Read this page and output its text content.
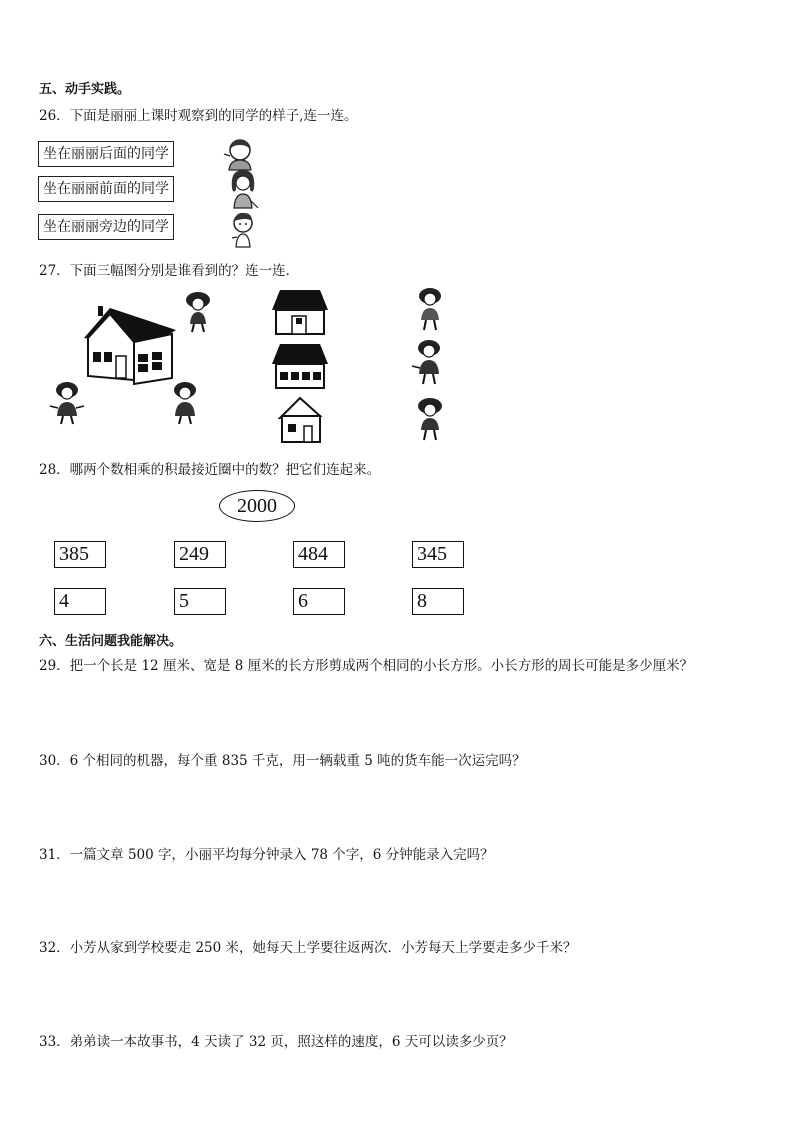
五、动手实践。
26．下面是丽丽上课时观察到的同学的样子,连一连。
坐在丽丽后面的同学
坐在丽丽前面的同学
坐在丽丽旁边的同学
27．下面三幅图分别是谁看到的？连一连．
28．哪两个数相乘的积最接近圈中的数？把它们连起来。
2000
385	249	484	345
4	5	6	8
六、生活问题我能解决。
29．把一个长是 12 厘米、宽是 8 厘米的长方形剪成两个相同的小长方形。小长方形的周长可能是多少厘米？
30．6 个相同的机器，每个重 835 千克，用一辆载重 5 吨的货车能一次运完吗？
31．一篇文章 500 字，小丽平均每分钟录入 78 个字，6 分钟能录入完吗？
32．小芳从家到学校要走 250 米，她每天上学要往返两次．小芳每天上学要走多少千米？
33．弟弟读一本故事书，4 天读了 32 页，照这样的速度，6 天可以读多少页？
